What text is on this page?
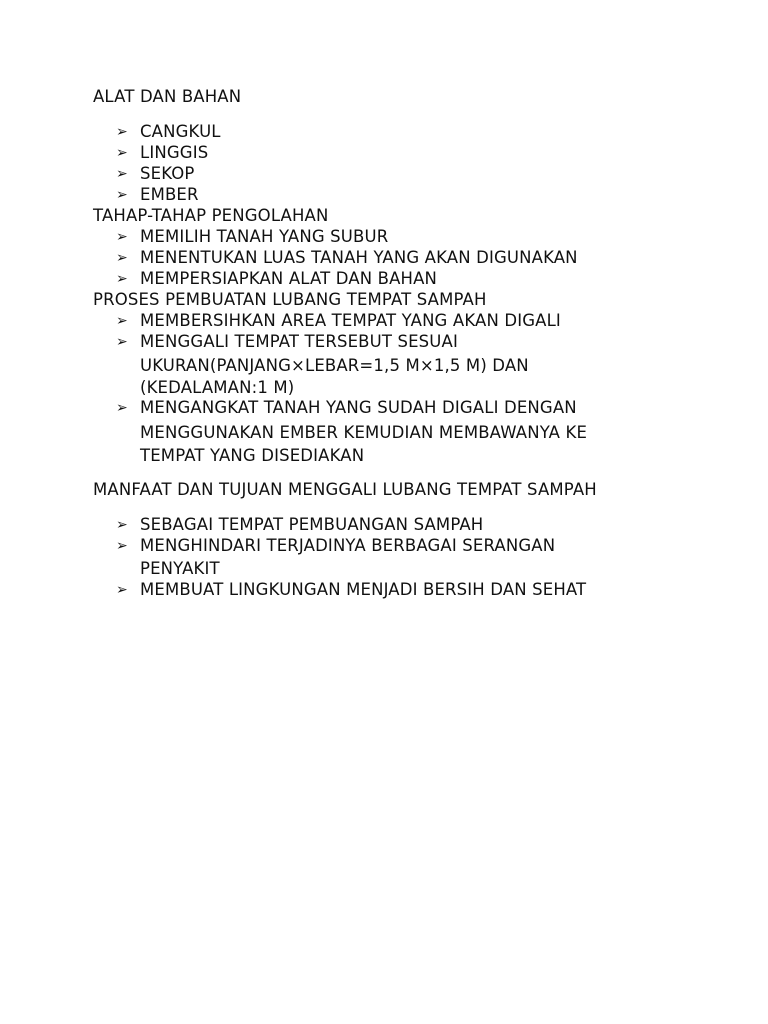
ALAT DAN BAHAN
➢ CANGKUL
➢ LINGGIS
➢ SEKOP
➢ EMBER
TAHAP-TAHAP PENGOLAHAN
➢ MEMILIH TANAH YANG SUBUR
➢ MENENTUKAN LUAS TANAH YANG AKAN DIGUNAKAN
➢ MEMPERSIAPKAN ALAT DAN BAHAN
PROSES PEMBUATAN LUBANG TEMPAT SAMPAH
➢ MEMBERSIHKAN AREA TEMPAT YANG AKAN DIGALI
➢ MENGGALI TEMPAT TERSEBUT SESUAI
UKURAN(PANJANG×LEBAR=1,5 M×1,5 M) DAN
(KEDALAMAN:1 M)
➢ MENGANGKAT TANAH YANG SUDAH DIGALI DENGAN
MENGGUNAKAN EMBER KEMUDIAN MEMBAWANYA KE
TEMPAT YANG DISEDIAKAN
MANFAAT DAN TUJUAN MENGGALI LUBANG TEMPAT SAMPAH
➢ SEBAGAI TEMPAT PEMBUANGAN SAMPAH
➢ MENGHINDARI TERJADINYA BERBAGAI SERANGAN
PENYAKIT
➢ MEMBUAT LINGKUNGAN MENJADI BERSIH DAN SEHAT
